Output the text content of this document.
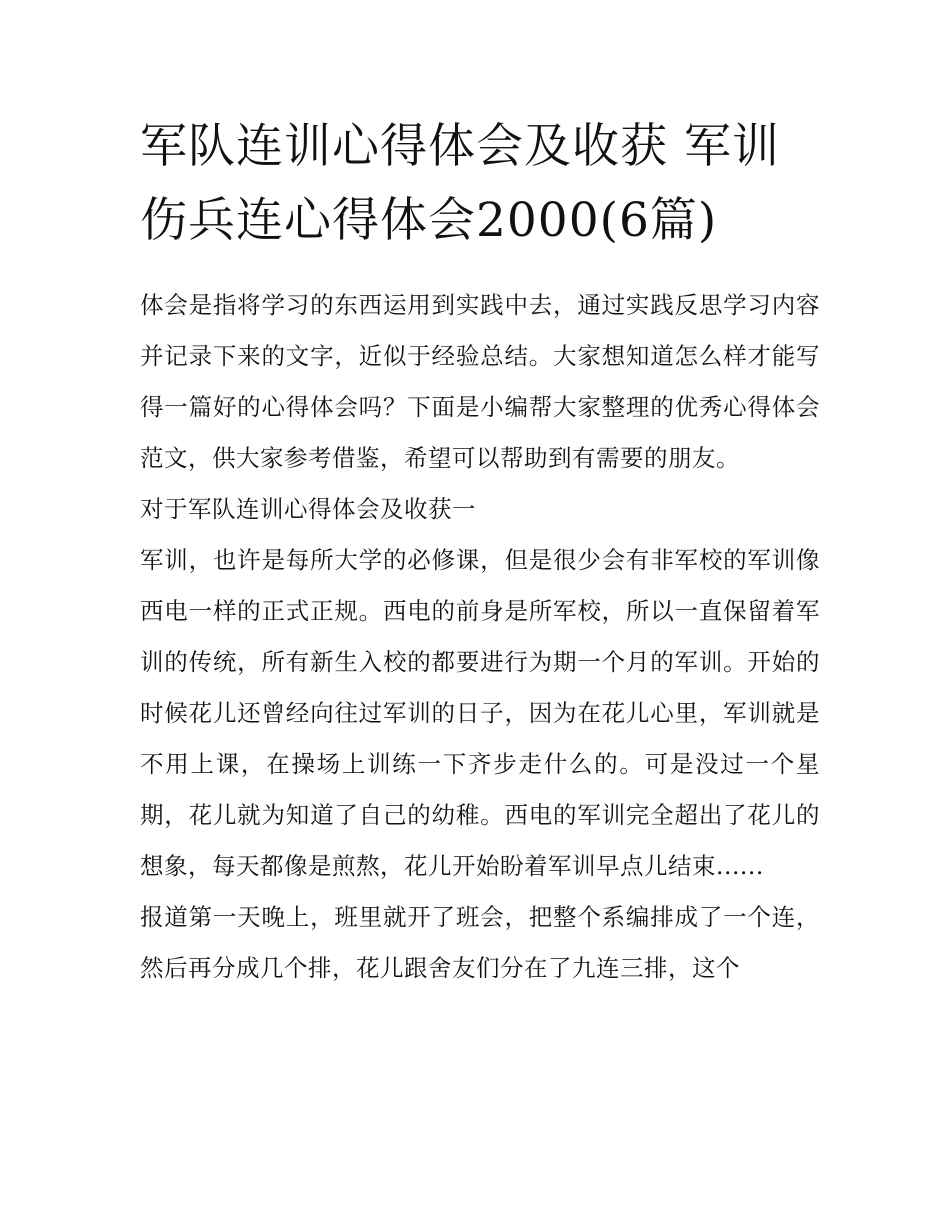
军队连训心得体会及收获 军训伤兵连心得体会2000(6篇)

体会是指将学习的东西运用到实践中去，通过实践反思学习内容并记录下来的文字，近似于经验总结。大家想知道怎么样才能写得一篇好的心得体会吗？下面是小编帮大家整理的优秀心得体会范文，供大家参考借鉴，希望可以帮助到有需要的朋友。

对于军队连训心得体会及收获一

军训，也许是每所大学的必修课，但是很少会有非军校的军训像西电一样的正式正规。西电的前身是所军校，所以一直保留着军训的传统，所有新生入校的都要进行为期一个月的军训。开始的时候花儿还曾经向往过军训的日子，因为在花儿心里，军训就是不用上课，在操场上训练一下齐步走什么的。可是没过一个星期，花儿就为知道了自己的幼稚。西电的军训完全超出了花儿的想象，每天都像是煎熬，花儿开始盼着军训早点儿结束......

报道第一天晚上，班里就开了班会，把整个系编排成了一个连，然后再分成几个排，花儿跟舍友们分在了九连三排，这个
